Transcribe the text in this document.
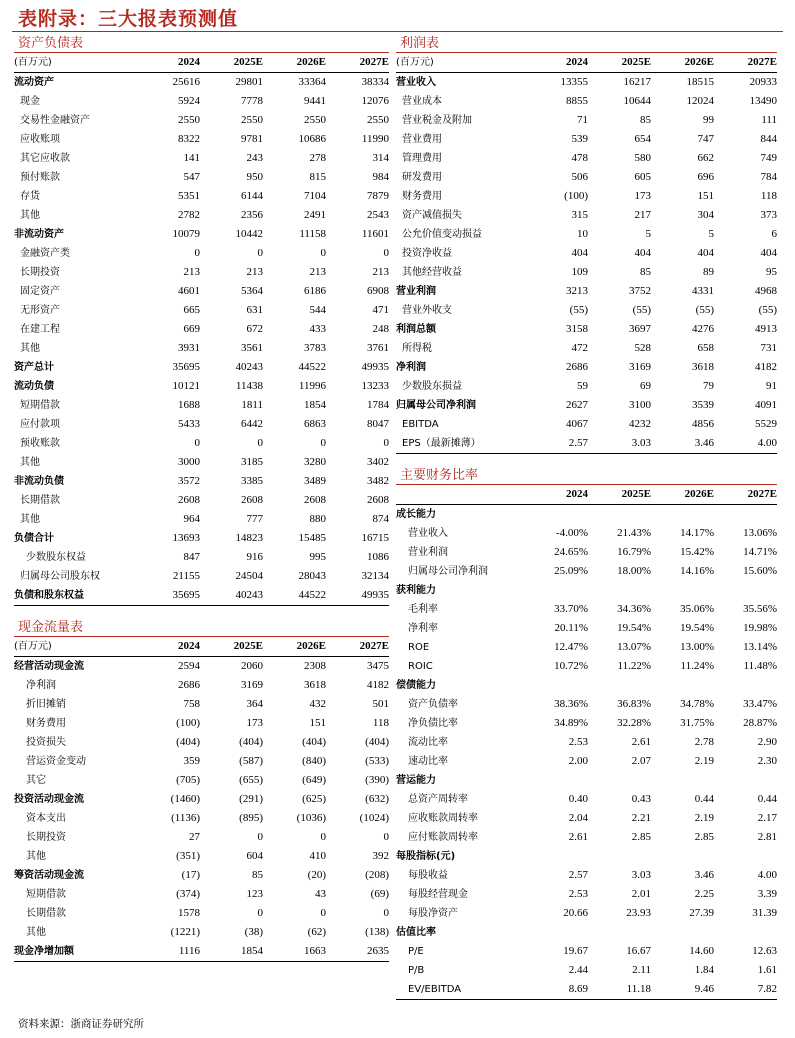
表附录：三大报表预测值
资产负债表
(百万元)	2024	2025E	2026E	2027E
流动资产	25616	29801	33364	38334
现金	5924	7778	9441	12076
交易性金融资产	2550	2550	2550	2550
应收账项	8322	9781	10686	11990
其它应收款	141	243	278	314
预付账款	547	950	815	984
存货	5351	6144	7104	7879
其他	2782	2356	2491	2543
非流动资产	10079	10442	11158	11601
金融资产类	0	0	0	0
长期投资	213	213	213	213
固定资产	4601	5364	6186	6908
无形资产	665	631	544	471
在建工程	669	672	433	248
其他	3931	3561	3783	3761
资产总计	35695	40243	44522	49935
流动负债	10121	11438	11996	13233
短期借款	1688	1811	1854	1784
应付款项	5433	6442	6863	8047
预收账款	0	0	0	0
其他	3000	3185	3280	3402
非流动负债	3572	3385	3489	3482
长期借款	2608	2608	2608	2608
其他	964	777	880	874
负债合计	13693	14823	15485	16715
少数股东权益	847	916	995	1086
归属母公司股东权	21155	24504	28043	32134
负债和股东权益	35695	40243	44522	49935
现金流量表
(百万元)	2024	2025E	2026E	2027E
经营活动现金流	2594	2060	2308	3475
净利润	2686	3169	3618	4182
折旧摊销	758	364	432	501
财务费用	(100)	173	151	118
投资损失	(404)	(404)	(404)	(404)
营运资金变动	359	(587)	(840)	(533)
其它	(705)	(655)	(649)	(390)
投资活动现金流	(1460)	(291)	(625)	(632)
资本支出	(1136)	(895)	(1036)	(1024)
长期投资	27	0	0	0
其他	(351)	604	410	392
筹资活动现金流	(17)	85	(20)	(208)
短期借款	(374)	123	43	(69)
长期借款	1578	0	0	0
其他	(1221)	(38)	(62)	(138)
现金净增加额	1116	1854	1663	2635
利润表
(百万元)	2024	2025E	2026E	2027E
营业收入	13355	16217	18515	20933
营业成本	8855	10644	12024	13490
营业税金及附加	71	85	99	111
营业费用	539	654	747	844
管理费用	478	580	662	749
研发费用	506	605	696	784
财务费用	(100)	173	151	118
资产减值损失	315	217	304	373
公允价值变动损益	10	5	5	6
投资净收益	404	404	404	404
其他经营收益	109	85	89	95
营业利润	3213	3752	4331	4968
营业外收支	(55)	(55)	(55)	(55)
利润总额	3158	3697	4276	4913
所得税	472	528	658	731
净利润	2686	3169	3618	4182
少数股东损益	59	69	79	91
归属母公司净利润	2627	3100	3539	4091
EBITDA	4067	4232	4856	5529
EPS（最新摊薄）	2.57	3.03	3.46	4.00
主要财务比率
	2024	2025E	2026E	2027E
成长能力				
营业收入	-4.00%	21.43%	14.17%	13.06%
营业利润	24.65%	16.79%	15.42%	14.71%
归属母公司净利润	25.09%	18.00%	14.16%	15.60%
获利能力				
毛利率	33.70%	34.36%	35.06%	35.56%
净利率	20.11%	19.54%	19.54%	19.98%
ROE	12.47%	13.07%	13.00%	13.14%
ROIC	10.72%	11.22%	11.24%	11.48%
偿债能力				
资产负债率	38.36%	36.83%	34.78%	33.47%
净负债比率	34.89%	32.28%	31.75%	28.87%
流动比率	2.53	2.61	2.78	2.90
速动比率	2.00	2.07	2.19	2.30
营运能力				
总资产周转率	0.40	0.43	0.44	0.44
应收账款周转率	2.04	2.21	2.19	2.17
应付账款周转率	2.61	2.85	2.85	2.81
每股指标(元)				
每股收益	2.57	3.03	3.46	4.00
每股经营现金	2.53	2.01	2.25	3.39
每股净资产	20.66	23.93	27.39	31.39
估值比率				
P/E	19.67	16.67	14.60	12.63
P/B	2.44	2.11	1.84	1.61
EV/EBITDA	8.69	11.18	9.46	7.82
资料来源：浙商证券研究所
